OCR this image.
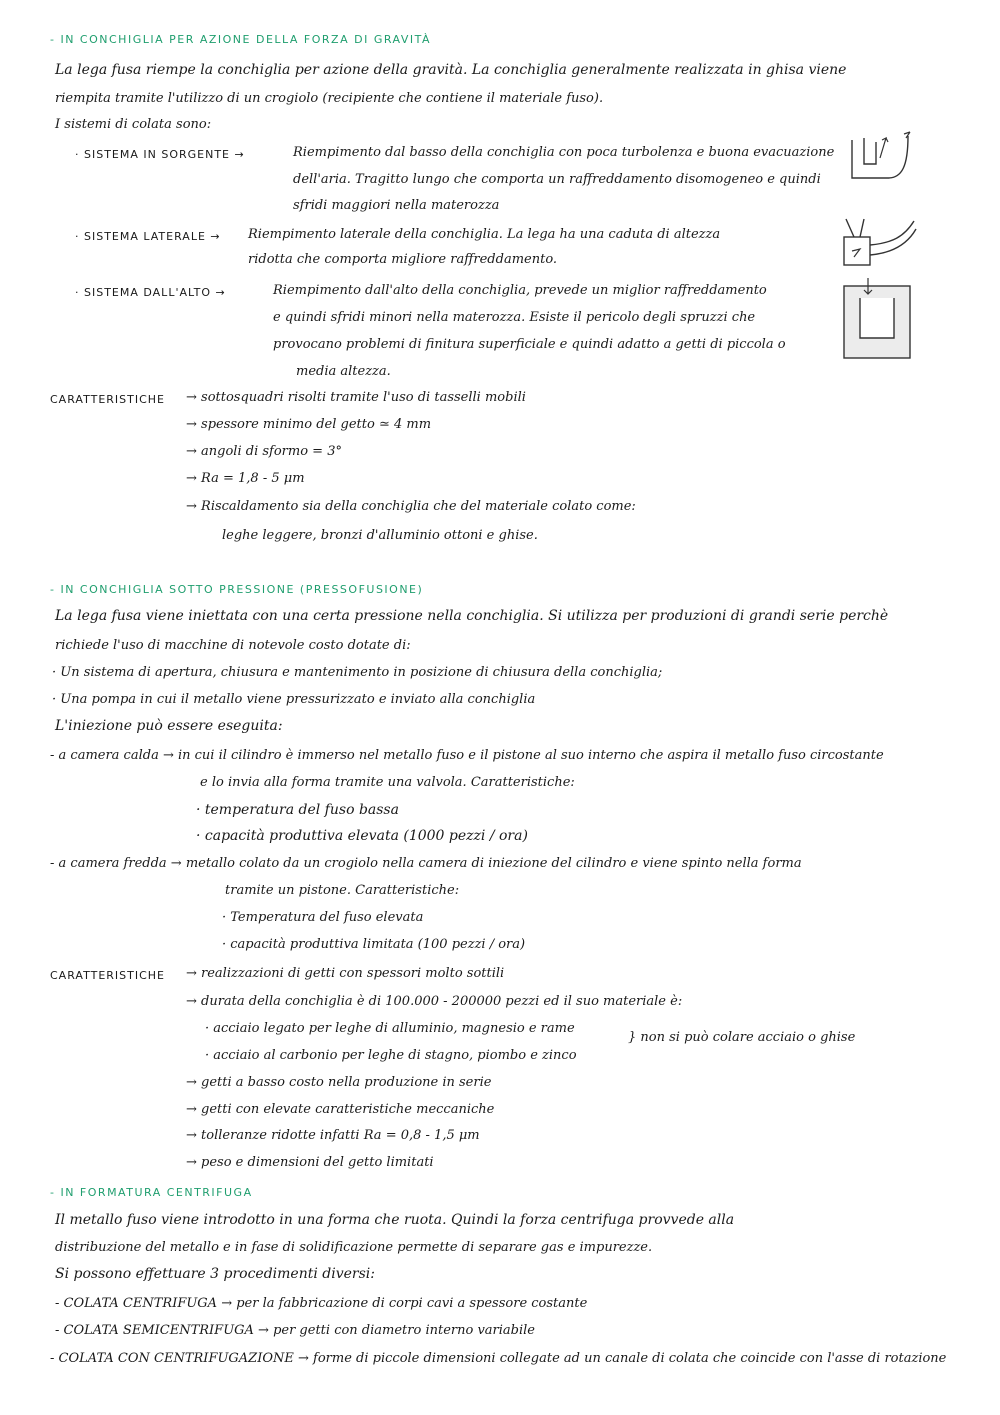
- IN CONCHIGLIA PER AZIONE DELLA FORZA DI GRAVITÀ
La lega fusa riempe la conchiglia per azione della gravità. La conchiglia generalmente realizzata in ghisa viene
riempita tramite l'utilizzo di un crogiolo (recipiente che contiene il materiale fuso).
I sistemi di colata sono:
· SISTEMA IN SORGENTE →	Riempimento dal basso della conchiglia con poca turbolenza e buona evacuazione
dell'aria. Tragitto lungo che comporta un raffreddamento disomogeneo e quindi
sfridi maggiori nella materozza
· SISTEMA LATERALE → Riempimento laterale della conchiglia. La lega ha una caduta di altezza
ridotta che comporta migliore raffreddamento.
· SISTEMA DALL'ALTO →	Riempimento dall'alto della conchiglia, prevede un miglior raffreddamento
e quindi sfridi minori nella materozza. Esiste il pericolo degli spruzzi che
provocano problemi di finitura superficiale e quindi adatto a getti di piccola o
media altezza.
CARATTERISTICHE → sottosquadri risolti tramite l'uso di tasselli mobili
→ spessore minimo del getto ≃ 4 mm
→ angoli di sformo = 3°
→ Ra = 1,8 - 5 μm
→ Riscaldamento sia della conchiglia che del materiale colato come:
leghe leggere, bronzi d'alluminio ottoni e ghise.
- IN CONCHIGLIA SOTTO PRESSIONE (PRESSOFUSIONE)
La lega fusa viene iniettata con una certa pressione nella conchiglia. Si utilizza per produzioni di grandi serie perchè
richiede l'uso di macchine di notevole costo dotate di:
· Un sistema di apertura, chiusura e mantenimento in posizione di chiusura della conchiglia;
· Una pompa in cui il metallo viene pressurizzato e inviato alla conchiglia
L'iniezione può essere eseguita:
- a camera calda → in cui il cilindro è immerso nel metallo fuso e il pistone al suo interno che aspira il metallo fuso circostante
e lo invia alla forma tramite una valvola. Caratteristiche:
· temperatura del fuso bassa
· capacità produttiva elevata (1000 pezzi / ora)
- a camera fredda → metallo colato da un crogiolo nella camera di iniezione del cilindro e viene spinto nella forma
tramite un pistone. Caratteristiche:
· Temperatura del fuso elevata
· capacità produttiva limitata (100 pezzi / ora)
CARATTERISTICHE → realizzazioni di getti con spessori molto sottili
→ durata della conchiglia è di 100.000 - 200000 pezzi ed il suo materiale è:
· acciaio legato per leghe di alluminio, magnesio e rame
· acciaio al carbonio per leghe di stagno, piombo e zinco
} non si può colare acciaio o ghise
→ getti a basso costo nella produzione in serie
→ getti con elevate caratteristiche meccaniche
→ tolleranze ridotte infatti Ra = 0,8 - 1,5 μm
→ peso e dimensioni del getto limitati
- IN FORMATURA CENTRIFUGA
Il metallo fuso viene introdotto in una forma che ruota. Quindi la forza centrifuga provvede alla
distribuzione del metallo e in fase di solidificazione permette di separare gas e impurezze.
Si possono effettuare 3 procedimenti diversi:
- COLATA CENTRIFUGA → per la fabbricazione di corpi cavi a spessore costante
- COLATA SEMICENTRIFUGA → per getti con diametro interno variabile
- COLATA CON CENTRIFUGAZIONE → forme di piccole dimensioni collegate ad un canale di colata che coincide con l'asse di rotazione
